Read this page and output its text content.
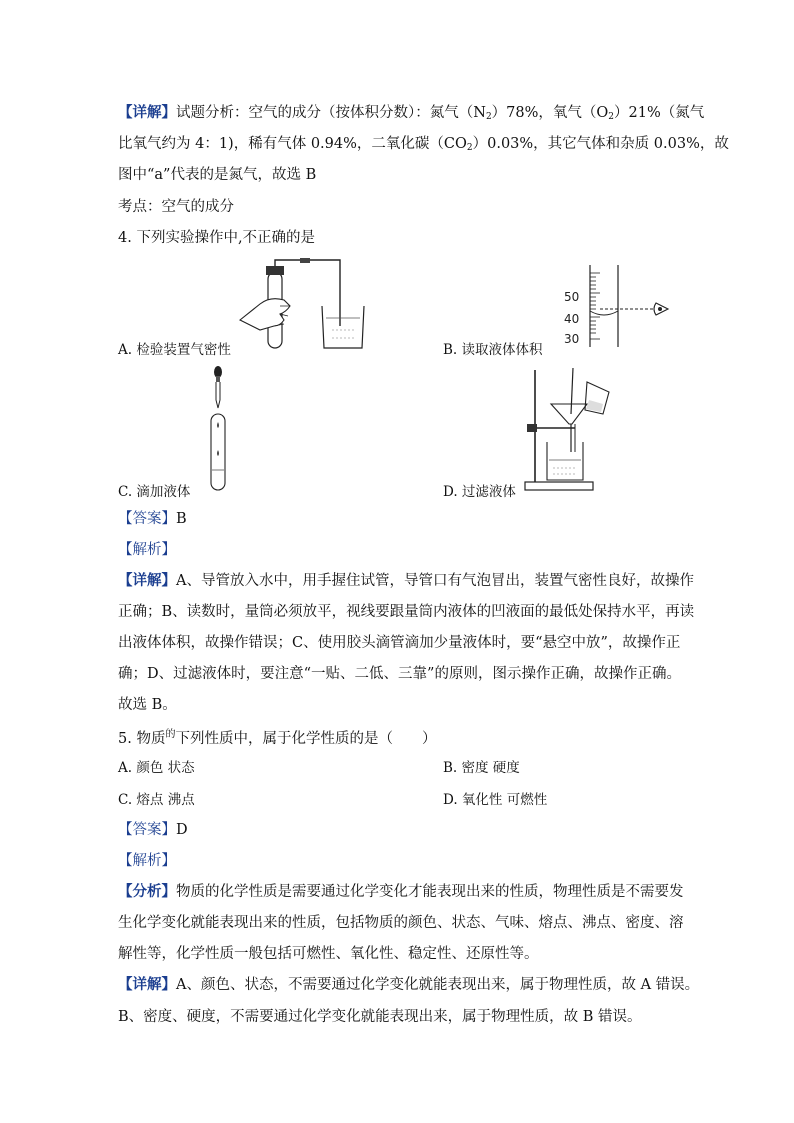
【详解】试题分析：空气的成分（按体积分数）：氮气$(N_2)78\%$，氧气$(O_2)21\%$（氮气
比氧气约为 4：1)，稀有气体 0.94%，二氧化碳$(CO_2)0.03\%$，其它气体和杂质 0.03%，故
图中“a”代表的是氮气，故选 B
考点：空气的成分
4. 下列实验操作中,不正确的是
A. 检验装置气密性
50
40
30
B. 读取液体体积
C. 滴加液体	D. 过滤液体
【答案】B
【解析】
【详解】A、导管放入水中，用手握住试管，导管口有气泡冒出，装置气密性良好，故操作
正确；B、读数时，量筒必须放平，视线要跟量筒内液体的凹液面的最低处保持水平，再读
出液体体积，故操作错误；C、使用胶头滴管滴加少量液体时，要“悬空中放”，故操作正
确；D、过滤液体时，要注意“一贴、二低、三靠”的原则，图示操作正确，故操作正确。
故选 B。
5. 物质$^的$下列性质中，属于化学性质的是（　　）
A. 颜色 状态	B. 密度 硬度
C. 熔点 沸点	D. 氧化性 可燃性
【答案】D
【解析】
【分析】物质的化学性质是需要通过化学变化才能表现出来的性质，物理性质是不需要发
生化学变化就能表现出来的性质，包括物质的颜色、状态、气味、熔点、沸点、密度、溶
解性等，化学性质一般包括可燃性、氧化性、稳定性、还原性等。
【详解】A、颜色、状态，不需要通过化学变化就能表现出来，属于物理性质，故 A 错误。
B、密度、硬度，不需要通过化学变化就能表现出来，属于物理性质，故 B 错误。
